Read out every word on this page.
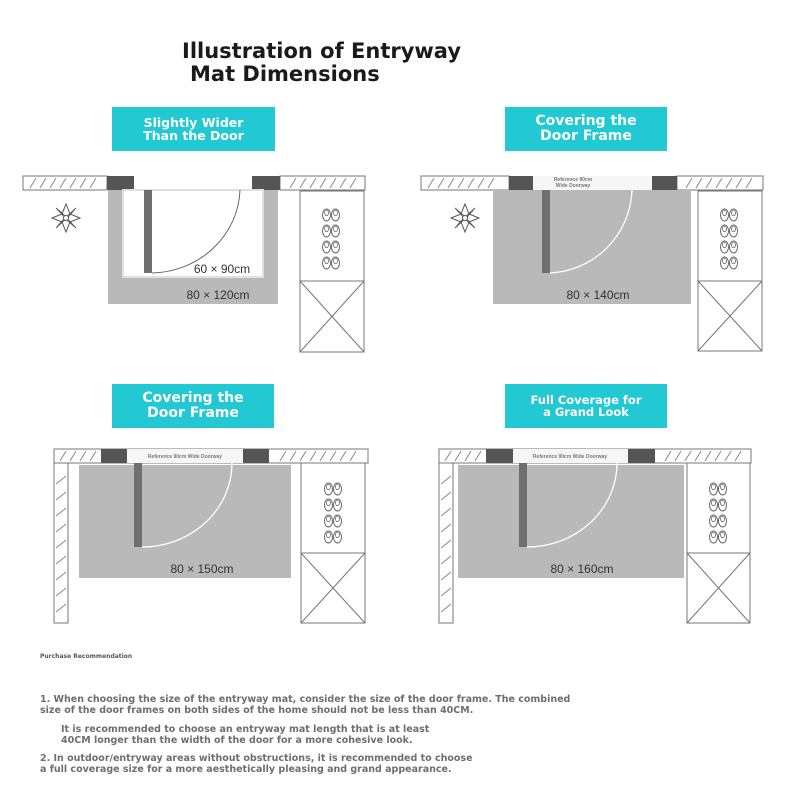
Illustration of Entryway
Mat Dimensions
Slightly Wider
Than the Door
Covering the
Door Frame
Covering the
Door Frame
Full Coverage for
a Grand Look
60 × 90cm
80 × 120cm
Reference 90cm Wide Doorway
80 × 140cm
Reference 90cm Wide Doorway
80 × 150cm
Reference 90cm Wide Doorway
80 × 160cm
Purchase Recommendation
1. When choosing the size of the entryway mat, consider the size of the door frame. The combined
size of the door frames on both sides of the home should not be less than 40CM.
It is recommended to choose an entryway mat length that is at least
40CM longer than the width of the door for a more cohesive look.
2. In outdoor/entryway areas without obstructions, it is recommended to choose
a full coverage size for a more aesthetically pleasing and grand appearance.
